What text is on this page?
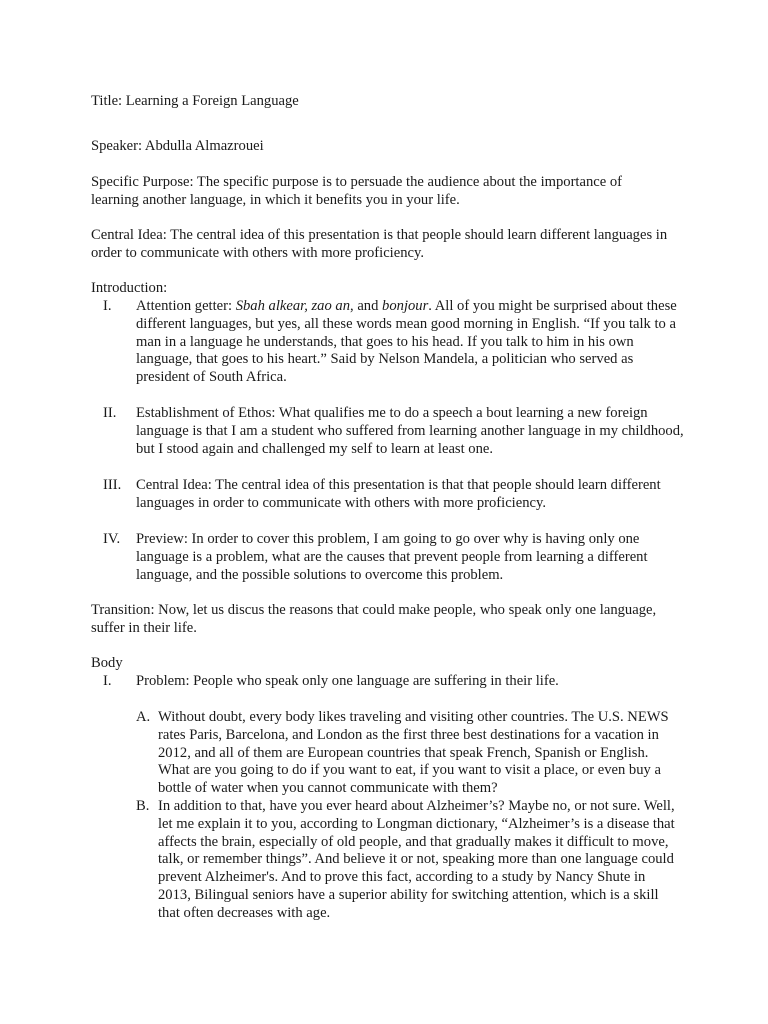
Title: Learning a Foreign Language

Speaker: Abdulla Almazrouei

Specific Purpose: The specific purpose is to persuade the audience about the importance of learning another language, in which it benefits you in your life.

Central Idea: The central idea of this presentation is that people should learn different languages in order to communicate with others with more proficiency.

Introduction:

I.	Attention getter: Sbah alkear, zao an, and bonjour. All of you might be surprised about these different languages, but yes, all these words mean good morning in English. “If you talk to a man in a language he understands, that goes to his head. If you talk to him in his own language, that goes to his heart.” Said by Nelson Mandela, a politician who served as president of South Africa.

II.	Establishment of Ethos: What qualifies me to do a speech a bout learning a new foreign language is that I am a student who suffered from learning another language in my childhood, but I stood again and challenged my self to learn at least one.

III.	Central Idea: The central idea of this presentation is that that people should learn different languages in order to communicate with others with more proficiency.

IV.	Preview: In order to cover this problem, I am going to go over why is having only one language is a problem, what are the causes that prevent people from learning a different language, and the possible solutions to overcome this problem.

Transition: Now, let us discus the reasons that could make people, who speak only one language, suffer in their life.

Body

I.	Problem: People who speak only one language are suffering in their life.

A. Without doubt, every body likes traveling and visiting other countries. The U.S. NEWS rates Paris, Barcelona, and London as the first three best destinations for a vacation in 2012, and all of them are European countries that speak French, Spanish or English. What are you going to do if you want to eat, if you want to visit a place, or even buy a bottle of water when you cannot communicate with them?

B. In addition to that, have you ever heard about Alzheimer’s? Maybe no, or not sure. Well, let me explain it to you, according to Longman dictionary, “Alzheimer’s is a disease that affects the brain, especially of old people, and that gradually makes it difficult to move, talk, or remember things”. And believe it or not, speaking more than one language could prevent Alzheimer's. And to prove this fact, according to a study by Nancy Shute in 2013, Bilingual seniors have a superior ability for switching attention, which is a skill that often decreases with age.
